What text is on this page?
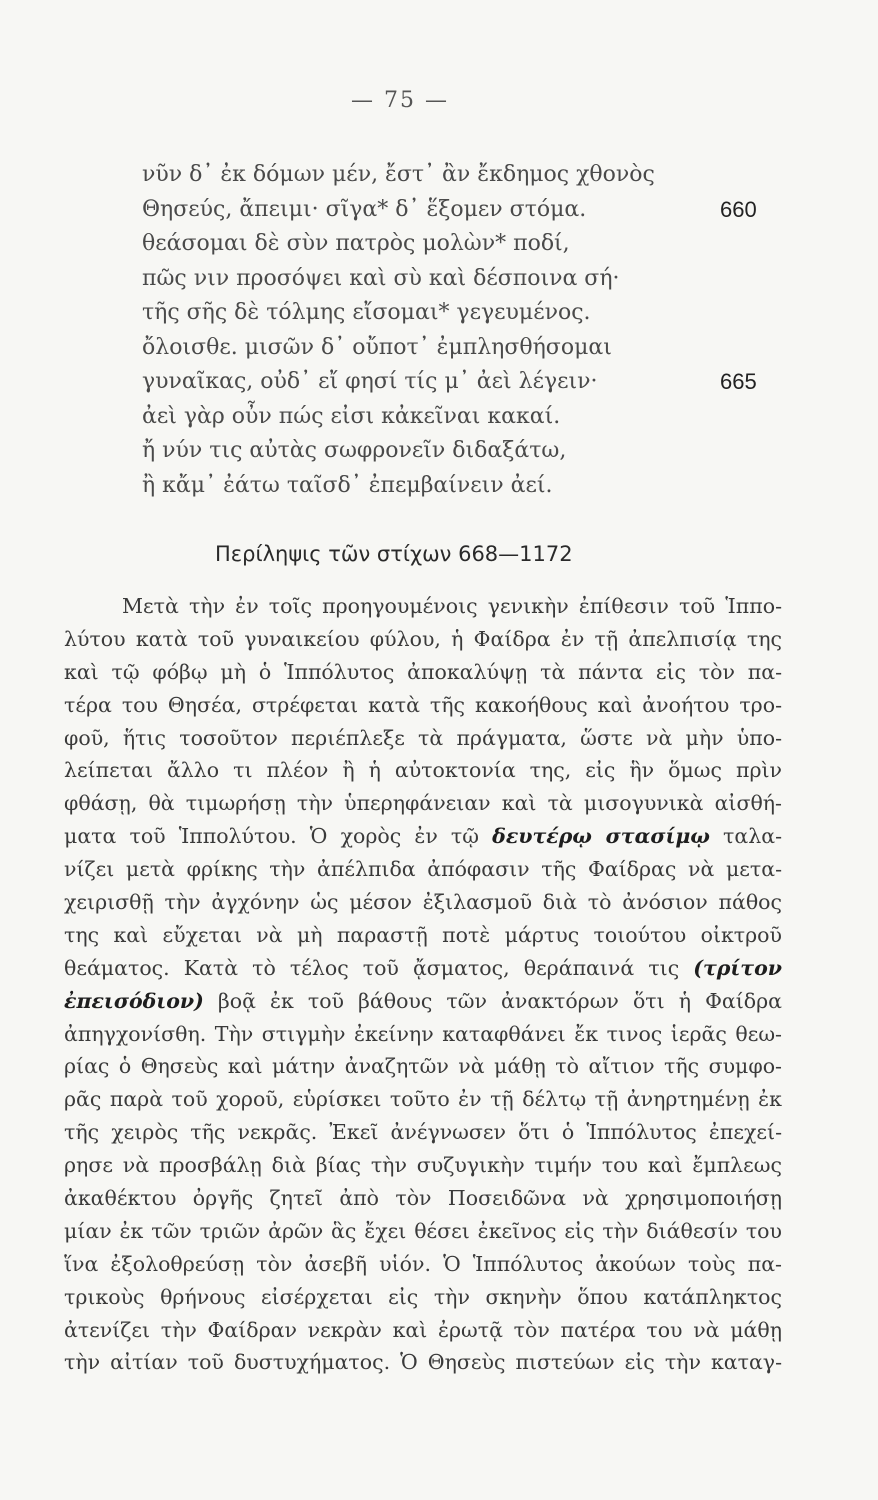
— 75 —
νῦν δ᾽ ἐκ δόμων μέν, ἔστ᾽ ἂν ἔκδημος χθονὸς
Θησεύς, ἄπειμι· σῖγα* δ᾽ ἕξομεν στόμα.	660
θεάσομαι δὲ σὺν πατρὸς μολὼν* ποδί,
πῶς νιν προσόψει καὶ σὺ καὶ δέσποινα σή·
τῆς σῆς δὲ τόλμης εἴσομαι* γεγευμένος.
ὄλοισθε. μισῶν δ᾽ οὔποτ᾽ ἐμπλησθήσομαι
γυναῖκας, οὐδ᾽ εἴ φησί τίς μ᾽ ἀεὶ λέγειν·	665
ἀεὶ γὰρ οὖν πώς εἰσι κἀκεῖναι κακαί.
ἤ νύν τις αὐτὰς σωφρονεῖν διδαξάτω,
ἢ κἄμ᾽ ἐάτω ταῖσδ᾽ ἐπεμβαίνειν ἀεί.
Περίληψις τῶν στίχων 668—1172
Μετὰ τὴν ἐν τοῖς προηγουμένοις γενικὴν ἐπίθεσιν τοῦ Ἱππο-
λύτου κατὰ τοῦ γυναικείου φύλου, ἡ Φαίδρα ἐν τῇ ἀπελπισίᾳ της
καὶ τῷ φόβῳ μὴ ὁ Ἱππόλυτος ἀποκαλύψῃ τὰ πάντα εἰς τὸν πα-
τέρα του Θησέα, στρέφεται κατὰ τῆς κακοήθους καὶ ἀνοήτου τρο-
φοῦ, ἥτις τοσοῦτον περιέπλεξε τὰ πράγματα, ὥστε νὰ μὴν ὑπο-
λείπεται ἄλλο τι πλέον ἢ ἡ αὐτοκτονία της, εἰς ἣν ὅμως πρὶν
φθάσῃ, θὰ τιμωρήσῃ τὴν ὑπερηφάνειαν καὶ τὰ μισογυνικὰ αἰσθή-
ματα τοῦ Ἱππολύτου. Ὁ χορὸς ἐν τῷ δευτέρῳ στασίμῳ ταλα-
νίζει μετὰ φρίκης τὴν ἀπέλπιδα ἀπόφασιν τῆς Φαίδρας νὰ μετα-
χειρισθῇ τὴν ἀγχόνην ὡς μέσον ἐξιλασμοῦ διὰ τὸ ἀνόσιον πάθος
της καὶ εὔχεται νὰ μὴ παραστῇ ποτὲ μάρτυς τοιούτου οἰκτροῦ
θεάματος. Κατὰ τὸ τέλος τοῦ ᾄσματος, θεράπαινά τις (τρίτον
ἐπεισόδιον) βοᾷ ἐκ τοῦ βάθους τῶν ἀνακτόρων ὅτι ἡ Φαίδρα
ἀπηγχονίσθη. Τὴν στιγμὴν ἐκείνην καταφθάνει ἔκ τινος ἱερᾶς θεω-
ρίας ὁ Θησεὺς καὶ μάτην ἀναζητῶν νὰ μάθῃ τὸ αἴτιον τῆς συμφο-
ρᾶς παρὰ τοῦ χοροῦ, εὑρίσκει τοῦτο ἐν τῇ δέλτῳ τῇ ἀνηρτημένῃ ἐκ
τῆς χειρὸς τῆς νεκρᾶς. Ἐκεῖ ἀνέγνωσεν ὅτι ὁ Ἱππόλυτος ἐπεχεί-
ρησε νὰ προσβάλῃ διὰ βίας τὴν συζυγικὴν τιμήν του καὶ ἔμπλεως
ἀκαθέκτου ὀργῆς ζητεῖ ἀπὸ τὸν Ποσειδῶνα νὰ χρησιμοποιήσῃ
μίαν ἐκ τῶν τριῶν ἀρῶν ἃς ἔχει θέσει ἐκεῖνος εἰς τὴν διάθεσίν του
ἵνα ἐξολοθρεύσῃ τὸν ἀσεβῆ υἱόν. Ὁ Ἱππόλυτος ἀκούων τοὺς πα-
τρικοὺς θρήνους εἰσέρχεται εἰς τὴν σκηνὴν ὅπου κατάπληκτος
ἀτενίζει τὴν Φαίδραν νεκρὰν καὶ ἐρωτᾷ τὸν πατέρα του νὰ μάθῃ
τὴν αἰτίαν τοῦ δυστυχήματος. Ὁ Θησεὺς πιστεύων εἰς τὴν καταγ-
